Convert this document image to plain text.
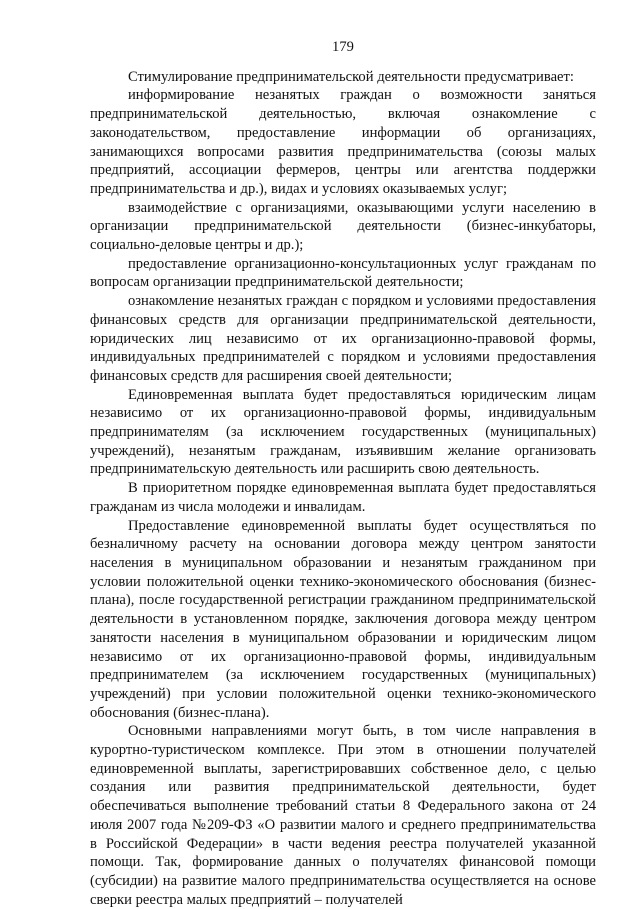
179

Стимулирование предпринимательской деятельности предусматривает:

информирование незанятых граждан о возможности заняться предпринимательской деятельностью, включая ознакомление с законодательством, предоставление информации об организациях, занимающихся вопросами развития предпринимательства (союзы малых предприятий, ассоциации фермеров, центры или агентства поддержки предпринимательства и др.), видах и условиях оказываемых услуг;

взаимодействие с организациями, оказывающими услуги населению в организации предпринимательской деятельности (бизнес-инкубаторы, социально-деловые центры и др.);

предоставление организационно-консультационных услуг гражданам по вопросам организации предпринимательской деятельности;

ознакомление незанятых граждан с порядком и условиями предоставления финансовых средств для организации предпринимательской деятельности, юридических лиц независимо от их организационно-правовой формы, индивидуальных предпринимателей с порядком и условиями предоставления финансовых средств для расширения своей деятельности;

Единовременная выплата будет предоставляться юридическим лицам независимо от их организационно-правовой формы, индивидуальным предпринимателям (за исключением государственных (муниципальных) учреждений), незанятым гражданам, изъявившим желание организовать предпринимательскую деятельность или расширить свою деятельность.

В приоритетном порядке единовременная выплата будет предоставляться гражданам из числа молодежи и инвалидам.

Предоставление единовременной выплаты будет осуществляться по безналичному расчету на основании договора между центром занятости населения в муниципальном образовании и незанятым гражданином при условии положительной оценки технико-экономического обоснования (бизнес-плана), после государственной регистрации гражданином предпринимательской деятельности в установленном порядке, заключения договора между центром занятости населения в муниципальном образовании и юридическим лицом независимо от их организационно-правовой формы, индивидуальным предпринимателем (за исключением государственных (муниципальных) учреждений) при условии положительной оценки технико-экономического обоснования (бизнес-плана).

Основными направлениями могут быть, в том числе направления в курортно-туристическом комплексе. При этом в отношении получателей единовременной выплаты, зарегистрировавших собственное дело, с целью создания или развития предпринимательской деятельности, будет обеспечиваться выполнение требований статьи 8 Федерального закона от 24 июля 2007 года №209-ФЗ «О развитии малого и среднего предпринимательства в Российской Федерации» в части ведения реестра получателей указанной помощи. Так, формирование данных о получателях финансовой помощи (субсидии) на развитие малого предпринимательства осуществляется на основе сверки реестра малых предприятий – получателей
